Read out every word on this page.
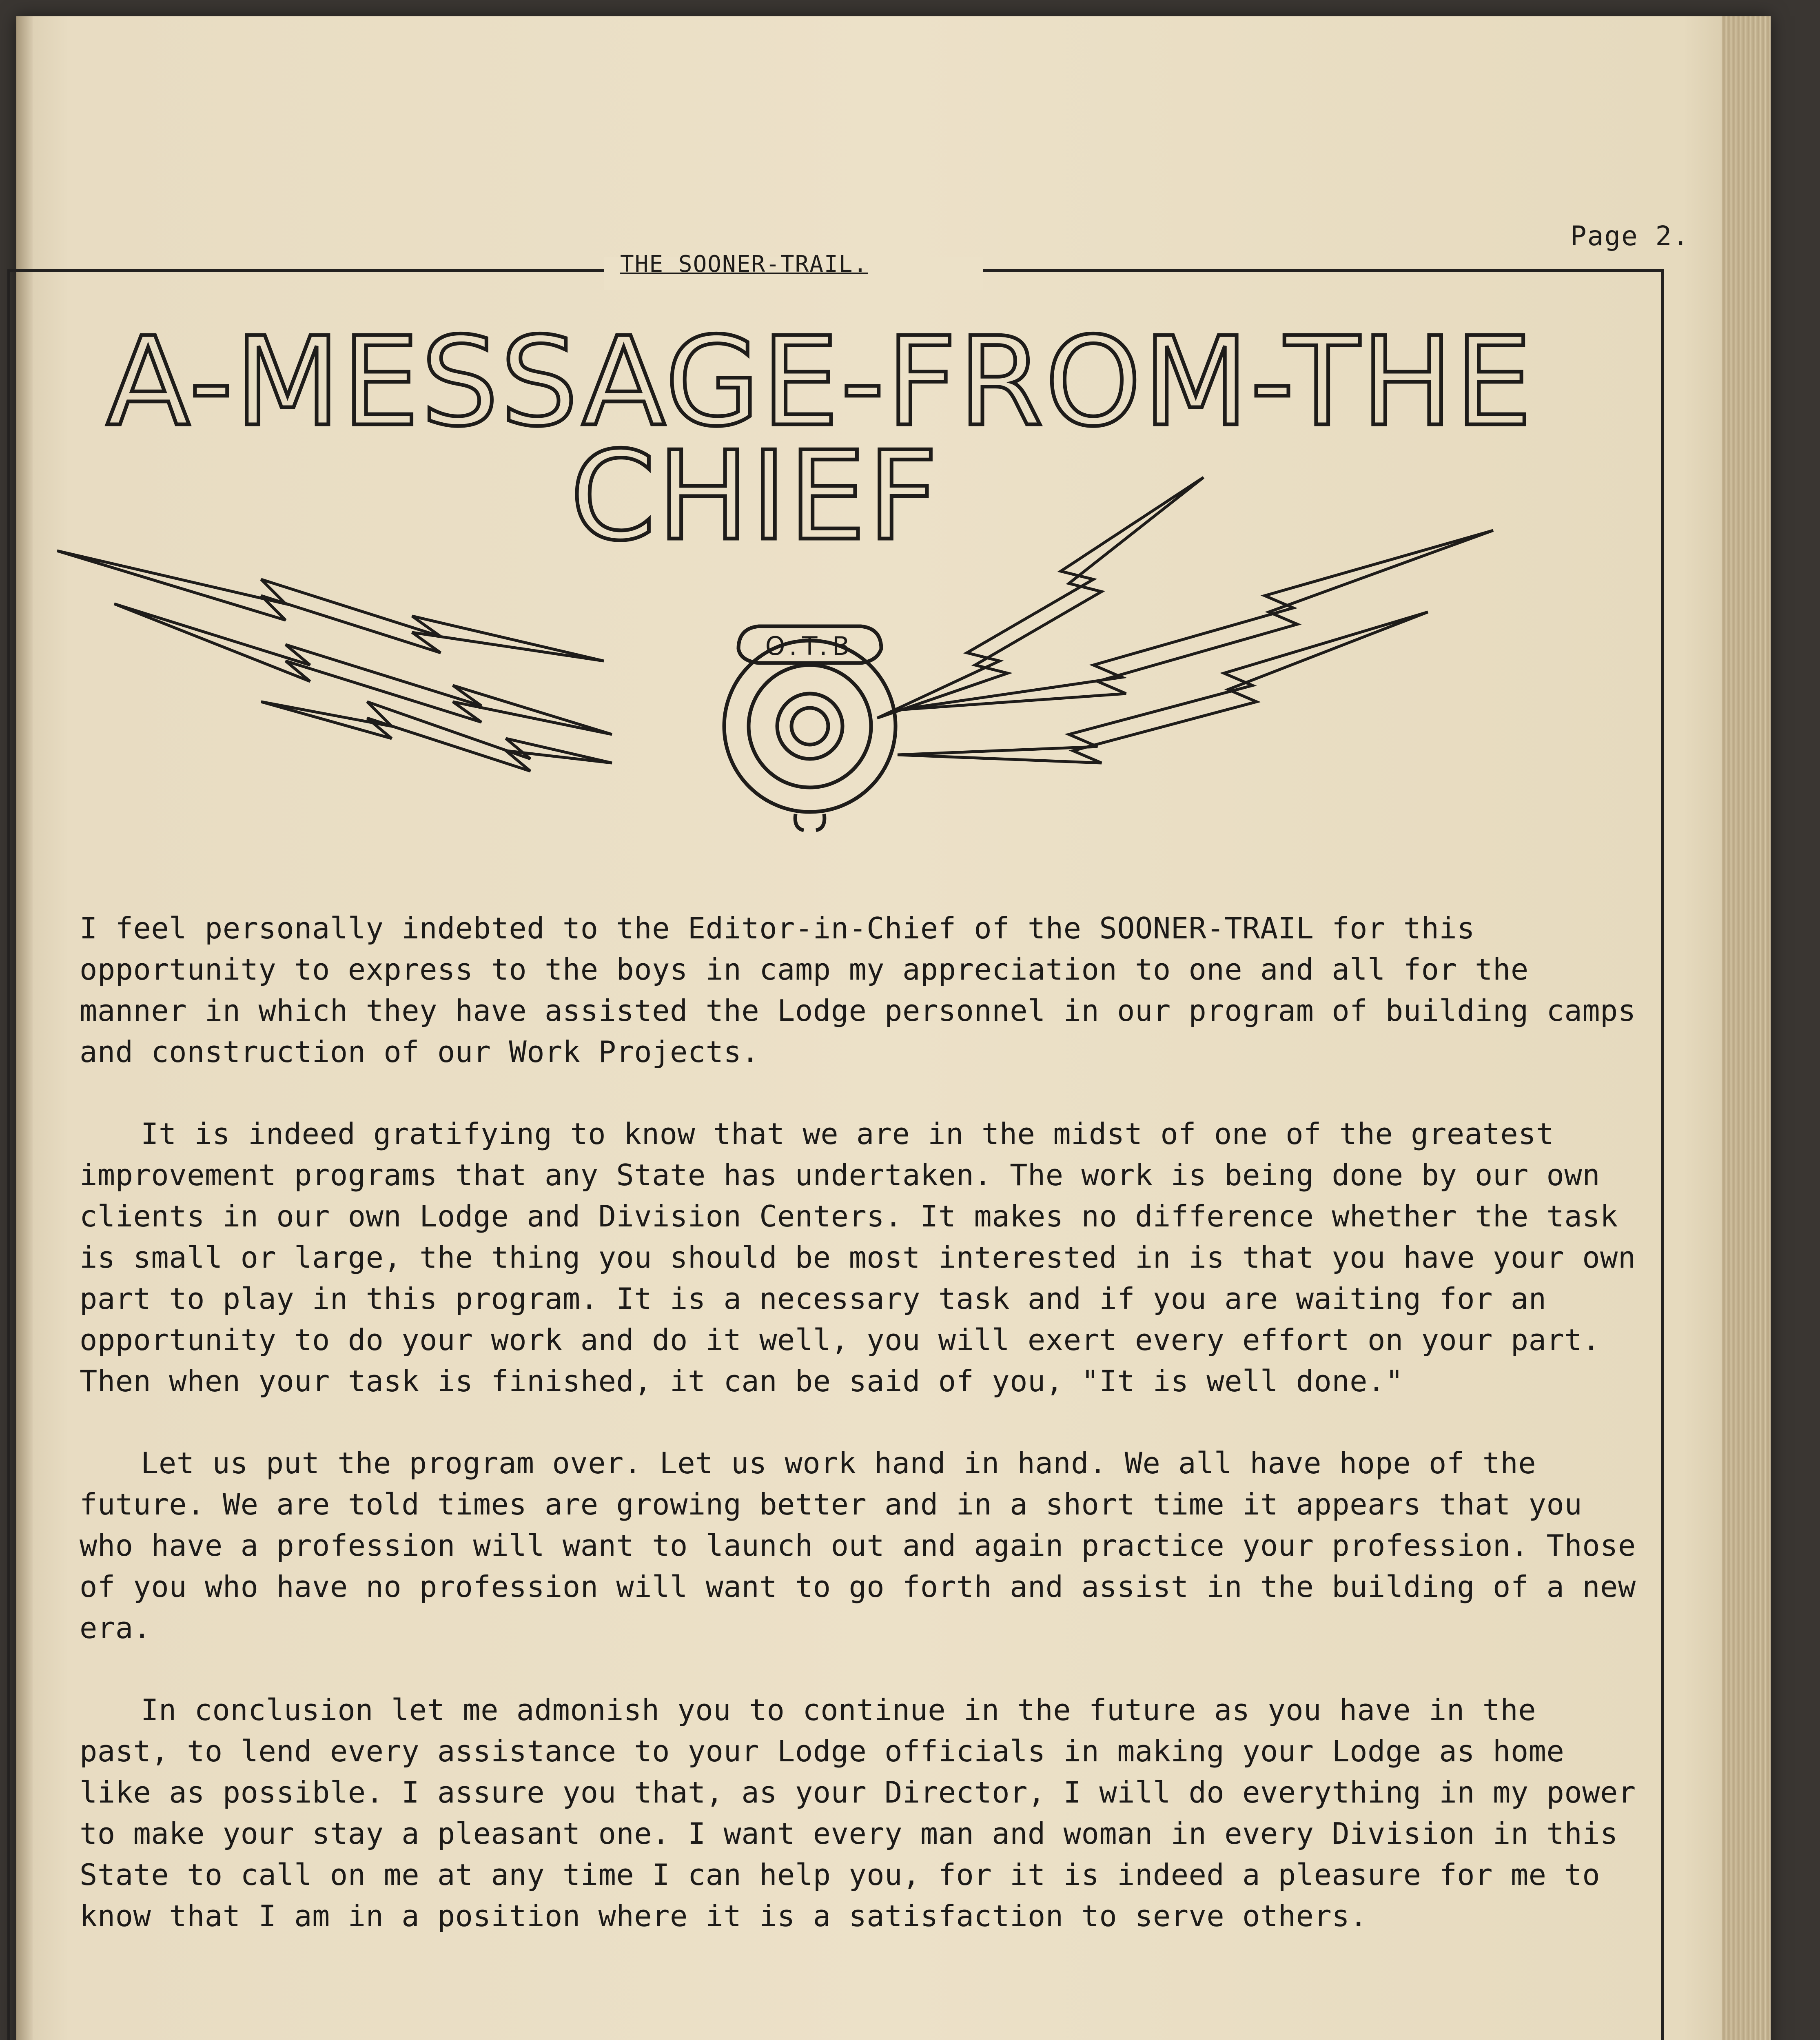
THE SOONER-TRAIL.
Page 2.
A-MESSAGE-FROM-THE
CHIEF
O.T.B

I feel personally indebted to the Editor-in-Chief of the SOONER-TRAIL for this opportunity to express to the boys in camp my appreciation to one and all for the manner in which they have assisted the Lodge personnel in our program of building camps and construction of our Work Projects.

It is indeed gratifying to know that we are in the midst of one of the greatest improvement programs that any State has undertaken. The work is being done by our own clients in our own Lodge and Division Centers. It makes no difference whether the task is small or large, the thing you should be most interested in is that you have your own part to play in this program. It is a necessary task and if you are waiting for an opportunity to do your work and do it well, you will exert every effort on your part. Then when your task is finished, it can be said of you, "It is well done."

Let us put the program over. Let us work hand in hand. We all have hope of the future. We are told times are growing better and in a short time it appears that you who have a profession will want to launch out and again practice your profession. Those of you who have no profession will want to go forth and assist in the building of a new era.

In conclusion let me admonish you to continue in the future as you have in the past, to lend every assistance to your Lodge officials in making your Lodge as home like as possible. I assure you that, as your Director, I will do everything in my power to make your stay a pleasant one. I want every man and woman in every Division in this State to call on me at any time I can help you, for it is indeed a pleasure for me to know that I am in a position where it is a satisfaction to serve others.
